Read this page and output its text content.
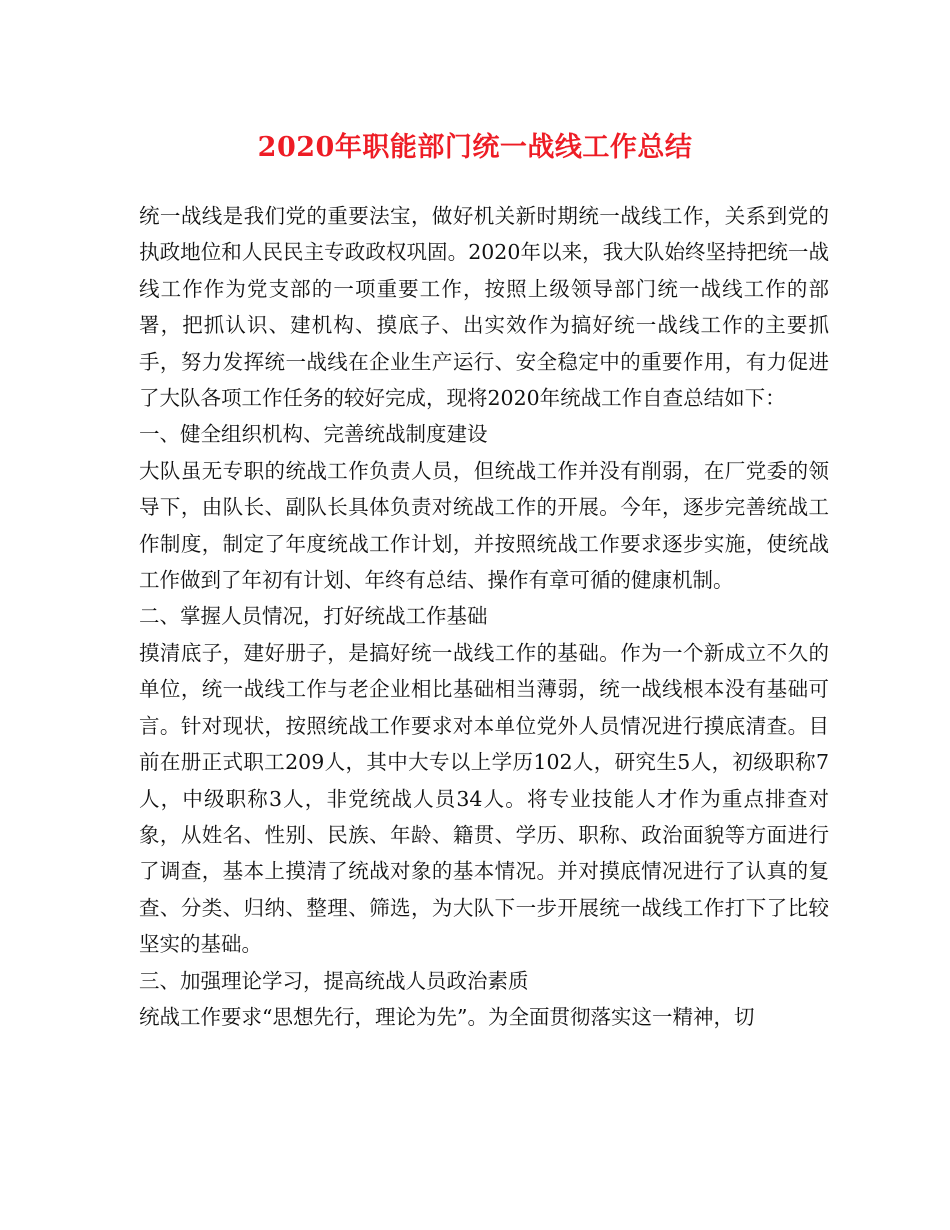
2020年职能部门统一战线工作总结

统一战线是我们党的重要法宝，做好机关新时期统一战线工作，关系到党的执政地位和人民民主专政政权巩固。2020年以来，我大队始终坚持把统一战线工作作为党支部的一项重要工作，按照上级领导部门统一战线工作的部署，把抓认识、建机构、摸底子、出实效作为搞好统一战线工作的主要抓手，努力发挥统一战线在企业生产运行、安全稳定中的重要作用，有力促进了大队各项工作任务的较好完成，现将2020年统战工作自查总结如下：

一、健全组织机构、完善统战制度建设

大队虽无专职的统战工作负责人员，但统战工作并没有削弱，在厂党委的领导下，由队长、副队长具体负责对统战工作的开展。今年，逐步完善统战工作制度，制定了年度统战工作计划，并按照统战工作要求逐步实施，使统战工作做到了年初有计划、年终有总结、操作有章可循的健康机制。

二、掌握人员情况，打好统战工作基础

摸清底子，建好册子，是搞好统一战线工作的基础。作为一个新成立不久的单位，统一战线工作与老企业相比基础相当薄弱，统一战线根本没有基础可言。针对现状，按照统战工作要求对本单位党外人员情况进行摸底清查。目前在册正式职工209人，其中大专以上学历102人，研究生5人，初级职称7人，中级职称3人，非党统战人员34人。将专业技能人才作为重点排查对象，从姓名、性别、民族、年龄、籍贯、学历、职称、政治面貌等方面进行了调查，基本上摸清了统战对象的基本情况。并对摸底情况进行了认真的复查、分类、归纳、整理、筛选，为大队下一步开展统一战线工作打下了比较坚实的基础。

三、加强理论学习，提高统战人员政治素质

统战工作要求“思想先行，理论为先”。为全面贯彻落实这一精神，切
